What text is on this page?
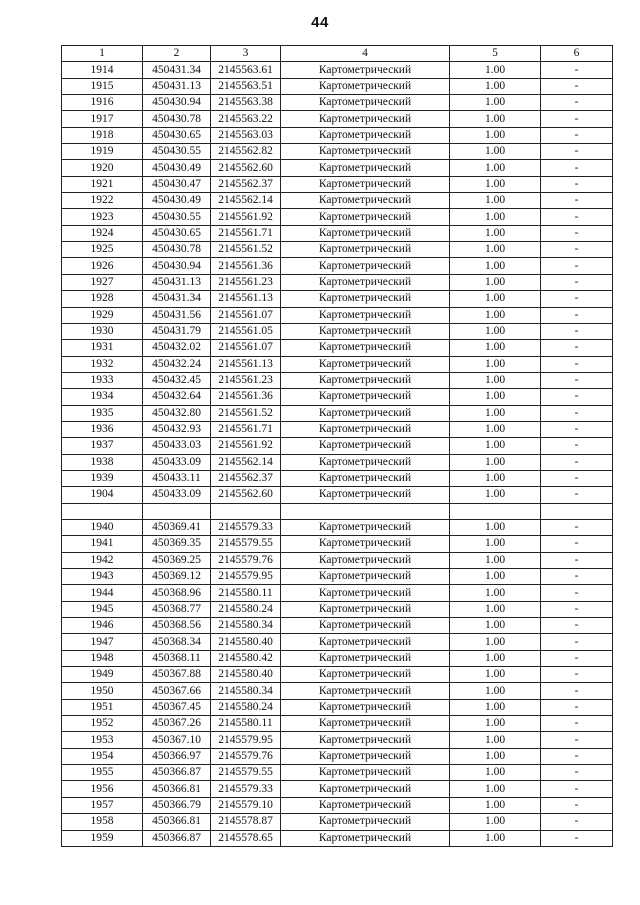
44
1	2	3	4	5	6
1914	450431.34	2145563.61	Картометрический	1.00	-
1915	450431.13	2145563.51	Картометрический	1.00	-
1916	450430.94	2145563.38	Картометрический	1.00	-
1917	450430.78	2145563.22	Картометрический	1.00	-
1918	450430.65	2145563.03	Картометрический	1.00	-
1919	450430.55	2145562.82	Картометрический	1.00	-
1920	450430.49	2145562.60	Картометрический	1.00	-
1921	450430.47	2145562.37	Картометрический	1.00	-
1922	450430.49	2145562.14	Картометрический	1.00	-
1923	450430.55	2145561.92	Картометрический	1.00	-
1924	450430.65	2145561.71	Картометрический	1.00	-
1925	450430.78	2145561.52	Картометрический	1.00	-
1926	450430.94	2145561.36	Картометрический	1.00	-
1927	450431.13	2145561.23	Картометрический	1.00	-
1928	450431.34	2145561.13	Картометрический	1.00	-
1929	450431.56	2145561.07	Картометрический	1.00	-
1930	450431.79	2145561.05	Картометрический	1.00	-
1931	450432.02	2145561.07	Картометрический	1.00	-
1932	450432.24	2145561.13	Картометрический	1.00	-
1933	450432.45	2145561.23	Картометрический	1.00	-
1934	450432.64	2145561.36	Картометрический	1.00	-
1935	450432.80	2145561.52	Картометрический	1.00	-
1936	450432.93	2145561.71	Картометрический	1.00	-
1937	450433.03	2145561.92	Картометрический	1.00	-
1938	450433.09	2145562.14	Картометрический	1.00	-
1939	450433.11	2145562.37	Картометрический	1.00	-
1904	450433.09	2145562.60	Картометрический	1.00	-

1940	450369.41	2145579.33	Картометрический	1.00	-
1941	450369.35	2145579.55	Картометрический	1.00	-
1942	450369.25	2145579.76	Картометрический	1.00	-
1943	450369.12	2145579.95	Картометрический	1.00	-
1944	450368.96	2145580.11	Картометрический	1.00	-
1945	450368.77	2145580.24	Картометрический	1.00	-
1946	450368.56	2145580.34	Картометрический	1.00	-
1947	450368.34	2145580.40	Картометрический	1.00	-
1948	450368.11	2145580.42	Картометрический	1.00	-
1949	450367.88	2145580.40	Картометрический	1.00	-
1950	450367.66	2145580.34	Картометрический	1.00	-
1951	450367.45	2145580.24	Картометрический	1.00	-
1952	450367.26	2145580.11	Картометрический	1.00	-
1953	450367.10	2145579.95	Картометрический	1.00	-
1954	450366.97	2145579.76	Картометрический	1.00	-
1955	450366.87	2145579.55	Картометрический	1.00	-
1956	450366.81	2145579.33	Картометрический	1.00	-
1957	450366.79	2145579.10	Картометрический	1.00	-
1958	450366.81	2145578.87	Картометрический	1.00	-
1959	450366.87	2145578.65	Картометрический	1.00	-
